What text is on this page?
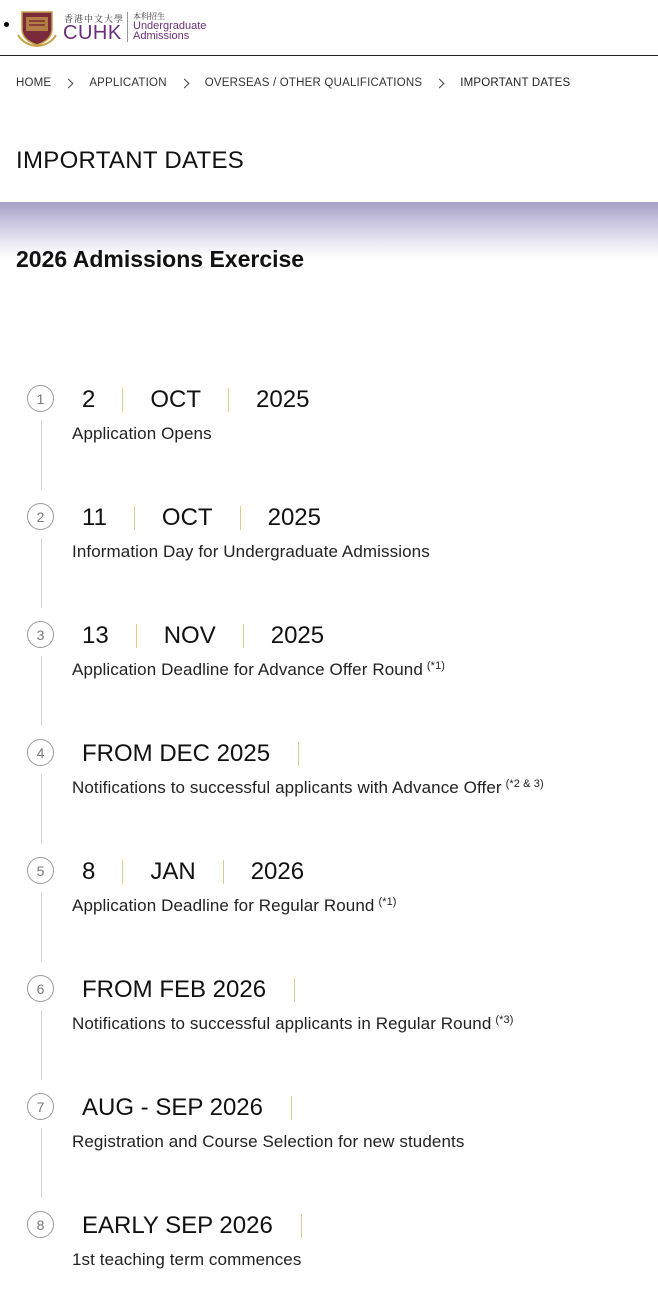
香港中文大學
CUHK
本科招生
Undergraduate
Admissions
HOME	APPLICATION	OVERSEAS / OTHER QUALIFICATIONS	IMPORTANT DATES
IMPORTANT DATES
2026 Admissions Exercise
1	2 OCT 2025
Application Opens
2	11 OCT 2025
Information Day for Undergraduate Admissions
3	13 NOV 2025
Application Deadline for Advance Offer Round $^{(*1)}$
4	FROM DEC 2025
Notifications to successful applicants with Advance Offer $^{(*2 \& 3)}$
5	8 JAN 2026
Application Deadline for Regular Round $^{(*1)}$
6	FROM FEB 2026
Notifications to successful applicants in Regular Round $^{(*3)}$
7	AUG - SEP 2026
Registration and Course Selection for new students
8	EARLY SEP 2026
1st teaching term commences
